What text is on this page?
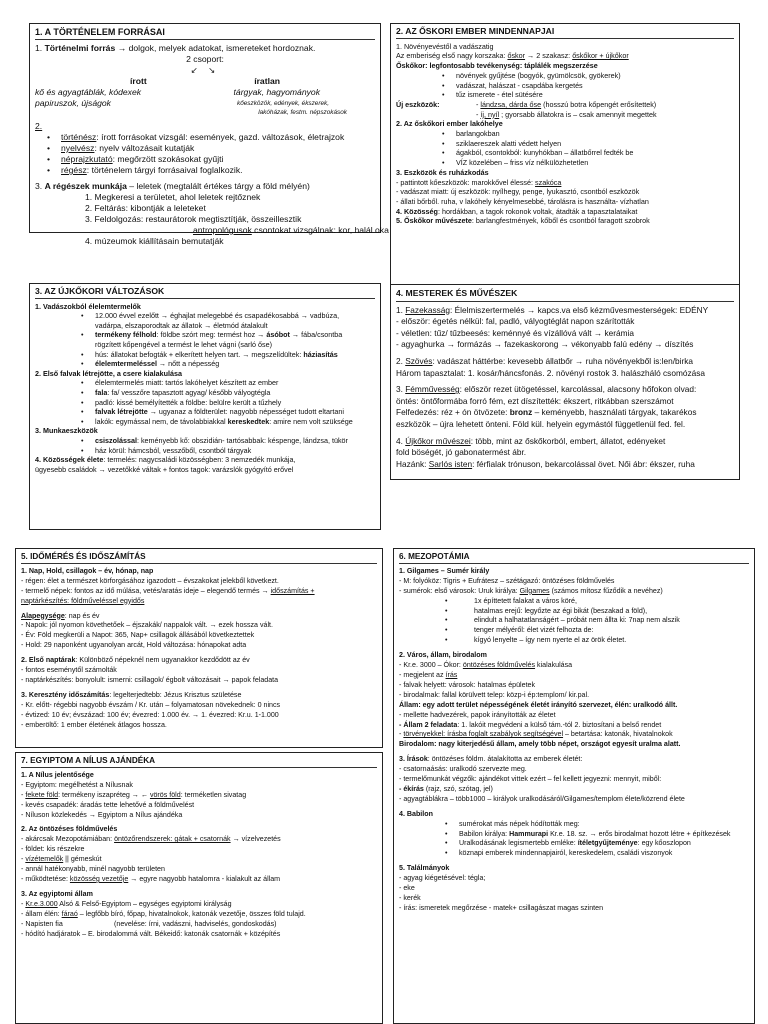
1. A TÖRTÉNELEM FORRÁSAI
1. Történelmi forrás → dolgok, melyek adatokat, ismereteket hordoznak.
2 csoport:
↙ ↘
írott	íratlan
kő és agyagtáblák, kódexek	tárgyak, hagyományok
papiruszok, újságok	kőeszközök, edények, ékszerek,
lakóházak, festm. népszokások
2.
• történész: írott forrásokat vizsgál: események, gazd. változások, életrajzok
• nyelvész: nyelv változásait kutatják
• néprajzkutató: megőrzött szokásokat gyűjti
• régész: történelem tárgyi forrásaival foglalkozik.
3. A régészek munkája – leletek (megtalált értékes tárgy a föld mélyén)
1. Megkeresi a területet, ahol leletek rejtőznek
2. Feltárás: kibontják a leleteket
3. Feldolgozás: restaurátorok megtisztítják, összeillesztik
antropológusok csontokat vizsgálnak: kor, halál oka
4. múzeumok kiállításain bemutatják
2. AZ ŐSKORI EMBER MINDENNAPJAI
1. Növényevéstől a vadászatig
Az emberiség első nagy korszaka: őskor → 2 szakasz: őskőkor + újkőkor
Őskőkor: legfontosabb tevékenység: táplálék megszerzése
• növények gyűjtése (bogyók, gyümölcsök, gyökerek)
• vadászat, halászat - csapdába kergetés
• tűz ismerete - étel sütésére
Új eszközök:	- lándzsa, dárda őse (hosszú botra kőpengét erősítettek)
- íj, nyíl ; gyorsabb állatokra is – csak amennyit megettek
2. Az őskőkori ember lakóhelye
• barlangokban
• sziklaereszek alatti védett helyen
• ágakból, csontokból: kunyhókban – állatbőrrel fedték be
• VÍZ közelében – friss víz nélkülözhetetlen
3. Eszközök és ruházkodás
- pattintott kőeszközök: marokkővel élessé: szakóca
- vadászat miatt: új eszközök: nyílhegy, penge, lyukasztó, csontból eszközök
- állati bőrből. ruha, v lakóhely kényelmesebbé, tárolásra is használta- vízhatlan
4. Közösség: hordákban, a tagok rokonok voltak, átadták a tapasztalataikat
5. Őskőkor művészete: barlangfestmények, kőből és csontból faragott szobrok
3. AZ ÚJKŐKORI VÁLTOZÁSOK
1. Vadászokból élelemtermelők
• 12.000 évvel ezelőtt → éghajlat melegebbé és csapadékosabbá → vadbúza,
vadárpa, elszaporodtak az állatok → életmód átalakult
• termékeny félhold: földbe szórt meg: termést hoz → ásóbot → fába/csontba
rögzített kőpengével a termést le lehet vágni (sarló őse)
• hús: állatokat befogták + elkerített helyen tart. → megszelídültek: háziasítás
• élelemtermeléssel → nőtt a népesség
2. Első falvak létrejötte, a csere kialakulása
• élelemtermelés miatt: tartós lakóhelyet készített az ember
• fala: fa/ vesszőre tapasztott agyag/ később vályogtégla
• padló: kissé bemélyítették a földbe: belülre került a tűzhely
• falvak létrejötte → ugyanaz a földterület: nagyobb népességet tudott eltartani
• lakók: egymással nem, de távolabbiakkal kereskedtek: amire nem volt szüksége
3. Munkaeszközök
• csiszolással: keményebb kő: obszidián- tartósabbak: késpenge, lándzsa, tükör
• ház körül: hámcsból, vesszőből, csontból tárgyak
4. Közösségek élete: termelés: nagycsaládi közösségben: 3 nemzedék munkája,
ügyesebb családok → vezetőkké váltak + fontos tagok: varázslók gyógyító erővel
4. MESTEREK ÉS MŰVÉSZEK
1. Fazekasság: Élelmiszertermelés → kapcs.va első kézművesmesterségek: EDÉNY
- először: égetés nélkül: fal, padló, vályogtéglát napon szárították
- véletlen: tűz/ tűzbeesés: keménnyé és vízállóvá vált → kerámia
- agyaghurka → formázás → fazekaskorong → vékonyabb falú edény → díszítés
2. Szövés: vadászat háttérbe: kevesebb állatbőr → ruha növényekből is:len/birka
Három tapasztalat: 1. kosár/háncsfonás. 2. növényi rostok 3. halászháló csomózása
3. Fémművesség: először rezet ütögetéssel, karcolással, alacsony hőfokon olvad:
öntés: öntőformába forró fém, ezt díszítették: ékszert, ritkábban szerszámot
Felfedezés: réz + ón ötvözete: bronz – keményebb, használati tárgyak, takarékos
eszközök – újra lehetett önteni. Föld kül. helyein egymástól függetlenül fed. fel.
4. Újkőkor művészei: több, mint az őskőkorból, embert, állatot, edényeket
fold böségét, jó gabonatermést ábr.
Hazánk: Sarlós isten: férfialak trónuson, bekarcolással övet. Női ábr: ékszer, ruha
5. IDŐMÉRÉS ÉS IDŐSZÁMÍTÁS
1. Nap, Hold, csillagok – év, hónap, nap
- régen: élet a természet körforgásához igazodott – évszakokat jelekből következt.
- termelő népek: fontos az idő múlása, vetés/aratás ideje – elegendő termés → időszámítás +
naptárkészítés: földműveléssel egyidős
Alapegysége: nap és év
- Napok: jól nyomon követhetőek – éjszakák/ nappalok vált. → ezek hossza vált.
- Év: Föld megkerüli a Napot: 365, Nap+ csillagok állásából következtettek
- Hold: 29 naponként ugyanolyan arcát, Hold változása: hónapokat adta
2. Első naptárak: Különböző népeknél nem ugyanakkor kezdődött az év
- fontos eseménytől számolták
- naptárkészítés: bonyolult: ismerni: csillagok/ égbolt változásait → papok feladata
3. Keresztény időszámítás: legelterjedtebb: Jézus Krisztus születése
- Kr. előtt- régebbi nagyobb évszám / Kr. után – folyamatosan növekednek: 0 nincs
- évtized: 10 év; évszázad: 100 év; évezred: 1.000 év. → 1. évezred: Kr.u. 1-1.000
- emberöltő: 1 ember életének átlagos hossza.
7. EGYIPTOM A NÍLUS AJÁNDÉKA
1. A Nílus jelentősége
- Egyiptom: megélhetést a Nílusnak
- fekete föld: termékeny iszapréteg → ← vörös föld: terméketlen sivatag
- kevés csapadék: áradás tette lehetővé a földművelést
- Níluson közlekedés → Egyiptom a Nílus ajándéka
2. Az öntözéses földművelés
- akárcsak Mezopotámiában: öntözőrendszerek: gátak + csatornák → vízelvezetés
- földet: kis részekre
- vízétemelők || gémeskút
- annál hatékonyabb, minél nagyobb területen
- működtetése: közösség vezetője → egyre nagyobb hatalomra - kialakult az állam
3. Az egyiptomi állam
- Kr.e.3.000 Alsó & Felső-Egyiptom – egységes egyiptomi királyság
- állam élén: fáraó – legfőbb bíró, főpap, hivatalnokok, katonák vezetője, összes föld tulajd.
- Napisten fia                          (nevelése: írni, vadászni, hadviselés, gondoskodás)
- hódító hadjáratok – E. birodalommá vált. Békeidő: katonák csatornák + középítés
6. MEZOPOTÁMIA
1. Gilgames – Sumér király
- M: folyóköz: Tigris + Eufrátesz – szétágazó: öntözéses földművelés
- sumérok: első városok: Uruk királya: Gilgames (számos mítosz fűződik a nevéhez)
• 1x építtetett falakat a város köré,
• hatalmas erejű: legyőzte az égi bikát (beszakad a föld),
• elindult a halhatatlanságért – próbát nem állta ki: 7nap nem alszik
• tenger mélyéről: élet vizét felhozta de:
• kígyó lenyelte – így nem nyerte el az örök életet.
2. Város, állam, birodalom
- Kr.e. 3000 – Ókor: öntözéses földművelés kialakulása
- megjelent az írás
- falvak helyett: városok: hatalmas épületek
- birodalmak: fallal körülvett telep: közp-i ép:templom/ kir.pal.
Állam: egy adott terület népességének életét irányító szervezet, élén: uralkodó állt.
- mellette hadvezérek, papok irányították az életet
- Állam 2 feladata: 1. lakóit megvédeni a külső tám.-tól 2. biztosítani a belső rendet
- törvényekkel: írásba foglalt szabályok segítségével – betartása: katonák, hivatalnokok
Birodalom: nagy kiterjedésű állam, amely több népet, országot egyesít uralma alatt.
3. Írások: öntözéses földm. átalakította az emberek életét:
- csatornaásás: uralkodó szervezte meg.
- termelőmunkát végzők: ajándékot vittek ezért – fel kellett jegyezni: mennyit, miből:
- ékírás (rajz, szó, szótag, jel)
- agyagtáblákra – több1000 – királyok uralkodásáról/Gilgames/templom élete/közrend élete
4. Babilon
• sumérokat más népek hódították meg:
• Babilon királya: Hammurapi Kr.e. 18. sz. → erős birodalmat hozott létre + építkezések
• Uralkodásának legismertebb emléke: ítéletgyűjteménye: egy kőoszlopon
• köznapi emberek mindennapjairól, kereskedelem, családi viszonyok
5. Találmányok
- agyag kiégetésével: tégla;
- eke
- kerék
- írás: ismeretek megőrzése - matek+ csillagászat magas szinten
